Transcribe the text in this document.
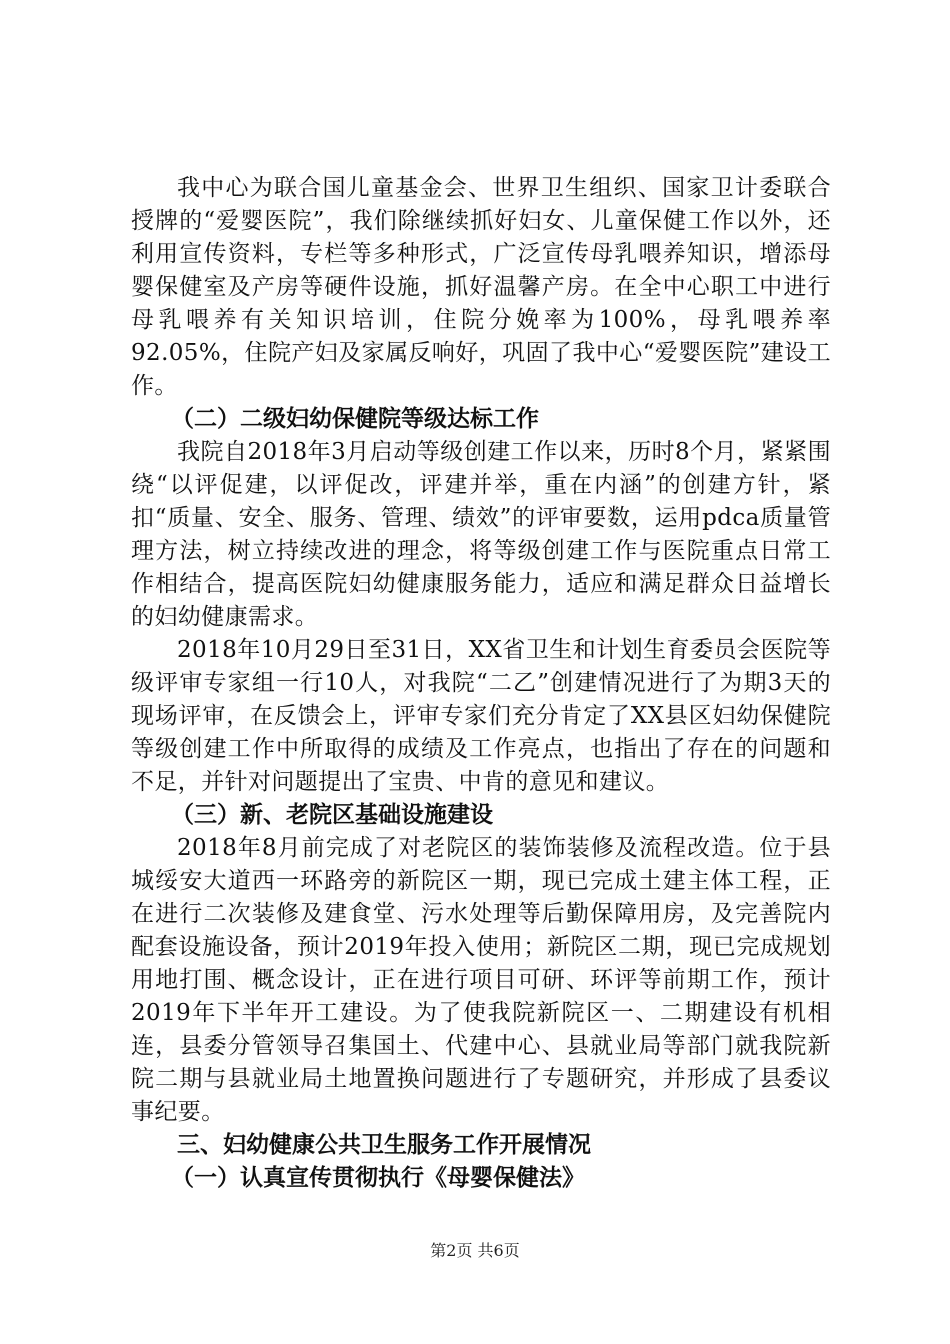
我中心为联合国儿童基金会、世界卫生组织、国家卫计委联合授牌的“爱婴医院”，我们除继续抓好妇女、儿童保健工作以外，还利用宣传资料，专栏等多种形式，广泛宣传母乳喂养知识，增添母婴保健室及产房等硬件设施，抓好温馨产房。在全中心职工中进行母乳喂养有关知识培训，住院分娩率为100%，母乳喂养率92.05%，住院产妇及家属反响好，巩固了我中心“爱婴医院”建设工作。

（二）二级妇幼保健院等级达标工作

我院自2018年3月启动等级创建工作以来，历时8个月，紧紧围绕“以评促建，以评促改，评建并举，重在内涵”的创建方针，紧扣“质量、安全、服务、管理、绩效”的评审要数，运用pdca质量管理方法，树立持续改进的理念，将等级创建工作与医院重点日常工作相结合，提高医院妇幼健康服务能力，适应和满足群众日益增长的妇幼健康需求。

2018年10月29日至31日，XX省卫生和计划生育委员会医院等级评审专家组一行10人，对我院“二乙”创建情况进行了为期3天的现场评审，在反馈会上，评审专家们充分肯定了XX县区妇幼保健院等级创建工作中所取得的成绩及工作亮点，也指出了存在的问题和不足，并针对问题提出了宝贵、中肯的意见和建议。

（三）新、老院区基础设施建设

2018年8月前完成了对老院区的装饰装修及流程改造。位于县城绥安大道西一环路旁的新院区一期，现已完成土建主体工程，正在进行二次装修及建食堂、污水处理等后勤保障用房，及完善院内配套设施设备，预计2019年投入使用；新院区二期，现已完成规划用地打围、概念设计，正在进行项目可研、环评等前期工作，预计2019年下半年开工建设。为了使我院新院区一、二期建设有机相连，县委分管领导召集国土、代建中心、县就业局等部门就我院新院二期与县就业局土地置换问题进行了专题研究，并形成了县委议事纪要。

三、妇幼健康公共卫生服务工作开展情况
（一）认真宣传贯彻执行《母婴保健法》
第2页 共6页
